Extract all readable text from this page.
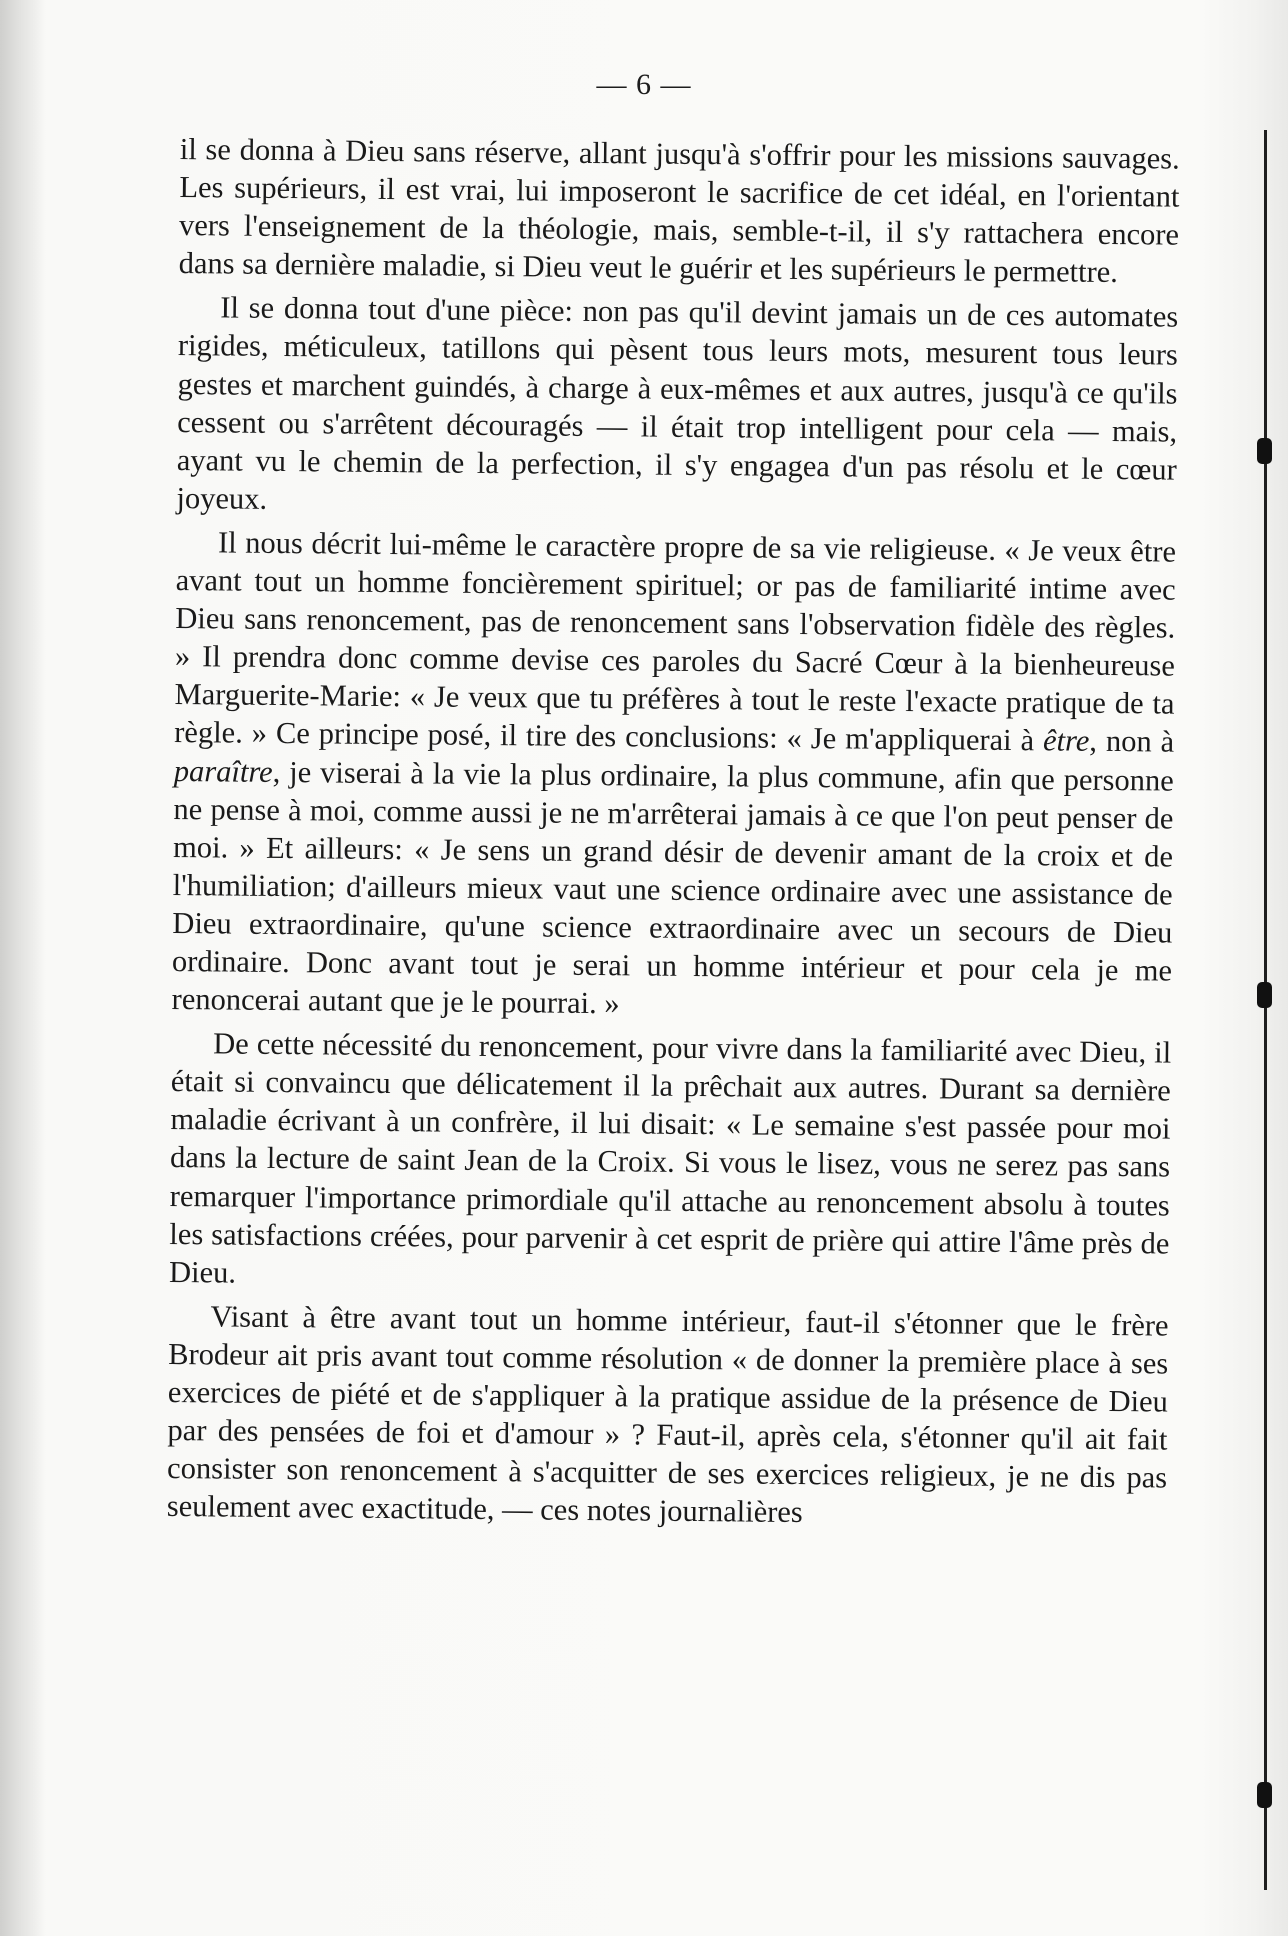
— 6 —

il se donna à Dieu sans réserve, allant jusqu'à s'offrir pour les missions sauvages. Les supérieurs, il est vrai, lui imposeront le sacrifice de cet idéal, en l'orientant vers l'enseignement de la théologie, mais, semble-t-il, il s'y rattachera encore dans sa dernière maladie, si Dieu veut le guérir et les supérieurs le permettre.

Il se donna tout d'une pièce: non pas qu'il devint jamais un de ces automates rigides, méticuleux, tatillons qui pèsent tous leurs mots, mesurent tous leurs gestes et marchent guindés, à charge à eux-mêmes et aux autres, jusqu'à ce qu'ils cessent ou s'arrêtent découragés — il était trop intelligent pour cela — mais, ayant vu le chemin de la perfection, il s'y engagea d'un pas résolu et le cœur joyeux.

Il nous décrit lui-même le caractère propre de sa vie religieuse. « Je veux être avant tout un homme foncièrement spirituel; or pas de familiarité intime avec Dieu sans renoncement, pas de renoncement sans l'observation fidèle des règles. » Il prendra donc comme devise ces paroles du Sacré Cœur à la bienheureuse Marguerite-Marie: « Je veux que tu préfères à tout le reste l'exacte pratique de ta règle. » Ce principe posé, il tire des conclusions: « Je m'appliquerai à être, non à paraître, je viserai à la vie la plus ordinaire, la plus commune, afin que personne ne pense à moi, comme aussi je ne m'arrêterai jamais à ce que l'on peut penser de moi. » Et ailleurs: « Je sens un grand désir de devenir amant de la croix et de l'humiliation; d'ailleurs mieux vaut une science ordinaire avec une assistance de Dieu extraordinaire, qu'une science extraordinaire avec un secours de Dieu ordinaire. Donc avant tout je serai un homme intérieur et pour cela je me renoncerai autant que je le pourrai. »

De cette nécessité du renoncement, pour vivre dans la familiarité avec Dieu, il était si convaincu que délicatement il la prêchait aux autres. Durant sa dernière maladie écrivant à un confrère, il lui disait: « Le semaine s'est passée pour moi dans la lecture de saint Jean de la Croix. Si vous le lisez, vous ne serez pas sans remarquer l'importance primordiale qu'il attache au renoncement absolu à toutes les satisfactions créées, pour parvenir à cet esprit de prière qui attire l'âme près de Dieu.

Visant à être avant tout un homme intérieur, faut-il s'étonner que le frère Brodeur ait pris avant tout comme résolution « de donner la première place à ses exercices de piété et de s'appliquer à la pratique assidue de la présence de Dieu par des pensées de foi et d'amour » ? Faut-il, après cela, s'étonner qu'il ait fait consister son renoncement à s'acquitter de ses exercices religieux, je ne dis pas seulement avec exactitude, — ces notes journalières
